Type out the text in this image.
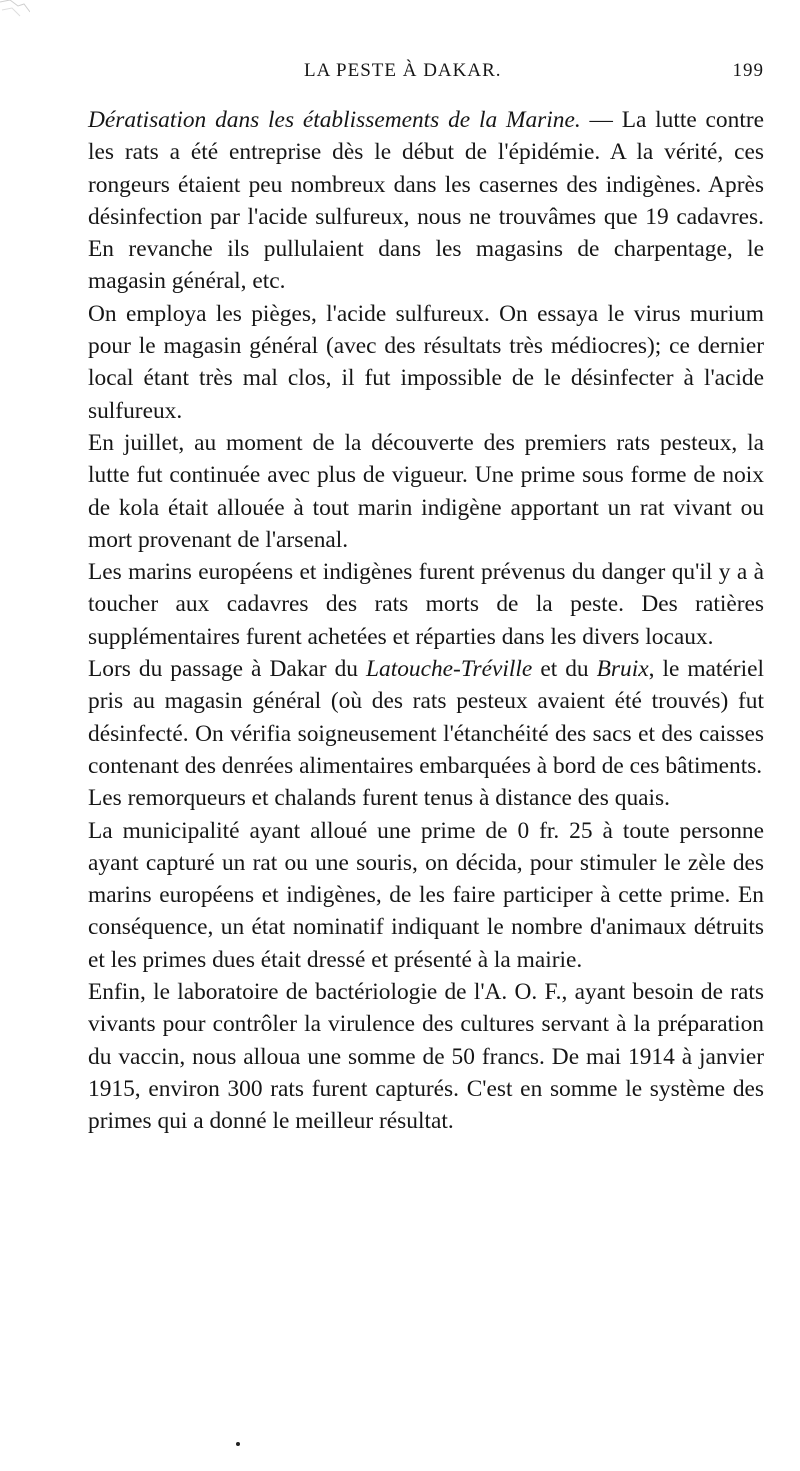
LA PESTE À DAKAR.	199

Dératisation dans les établissements de la Marine. — La lutte contre les rats a été entreprise dès le début de l'épidémie. A la vérité, ces rongeurs étaient peu nombreux dans les casernes des indigènes. Après désinfection par l'acide sulfureux, nous ne trouvâmes que 19 cadavres. En revanche ils pullulaient dans les magasins de charpentage, le magasin général, etc.

On employa les pièges, l'acide sulfureux. On essaya le virus murium pour le magasin général (avec des résultats très médiocres); ce dernier local étant très mal clos, il fut impossible de le désinfecter à l'acide sulfureux.

En juillet, au moment de la découverte des premiers rats pesteux, la lutte fut continuée avec plus de vigueur. Une prime sous forme de noix de kola était allouée à tout marin indigène apportant un rat vivant ou mort provenant de l'arsenal.

Les marins européens et indigènes furent prévenus du danger qu'il y a à toucher aux cadavres des rats morts de la peste. Des ratières supplémentaires furent achetées et réparties dans les divers locaux.

Lors du passage à Dakar du Latouche-Tréville et du Bruix, le matériel pris au magasin général (où des rats pesteux avaient été trouvés) fut désinfecté. On vérifia soigneusement l'étanchéité des sacs et des caisses contenant des denrées alimentaires embarquées à bord de ces bâtiments.

Les remorqueurs et chalands furent tenus à distance des quais.

La municipalité ayant alloué une prime de 0 fr. 25 à toute personne ayant capturé un rat ou une souris, on décida, pour stimuler le zèle des marins européens et indigènes, de les faire participer à cette prime. En conséquence, un état nominatif indiquant le nombre d'animaux détruits et les primes dues était dressé et présenté à la mairie.

Enfin, le laboratoire de bactériologie de l'A. O. F., ayant besoin de rats vivants pour contrôler la virulence des cultures servant à la préparation du vaccin, nous alloua une somme de 50 francs. De mai 1914 à janvier 1915, environ 300 rats furent capturés. C'est en somme le système des primes qui a donné le meilleur résultat.
